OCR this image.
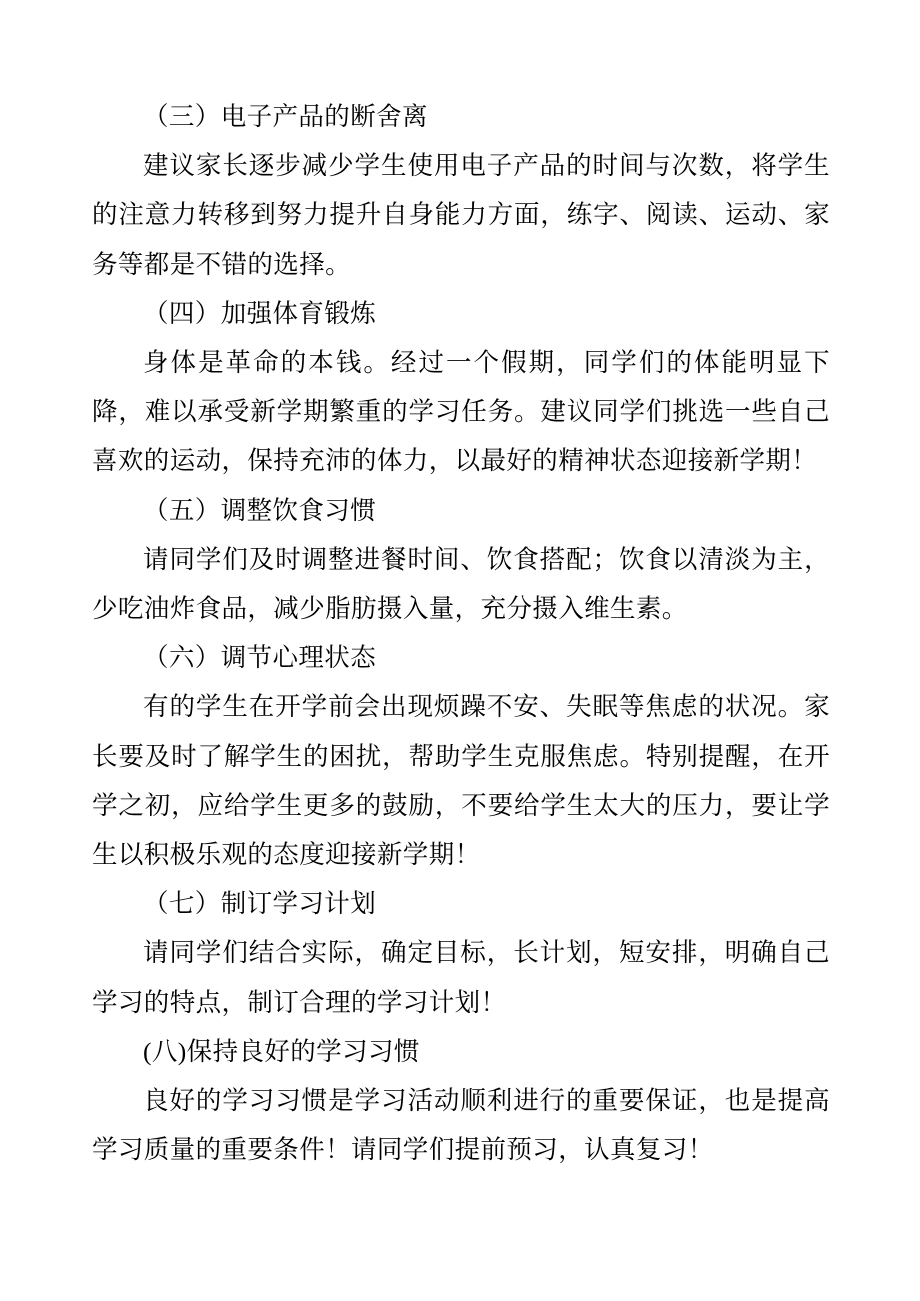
（三）电子产品的断舍离

建议家长逐步减少学生使用电子产品的时间与次数，将学生的注意力转移到努力提升自身能力方面，练字、阅读、运动、家务等都是不错的选择。

（四）加强体育锻炼

身体是革命的本钱。经过一个假期，同学们的体能明显下降，难以承受新学期繁重的学习任务。建议同学们挑选一些自己喜欢的运动，保持充沛的体力，以最好的精神状态迎接新学期！

（五）调整饮食习惯

请同学们及时调整进餐时间、饮食搭配；饮食以清淡为主，少吃油炸食品，减少脂肪摄入量，充分摄入维生素。

（六）调节心理状态

有的学生在开学前会出现烦躁不安、失眠等焦虑的状况。家长要及时了解学生的困扰，帮助学生克服焦虑。特别提醒，在开学之初，应给学生更多的鼓励，不要给学生太大的压力，要让学生以积极乐观的态度迎接新学期！

（七）制订学习计划

请同学们结合实际，确定目标，长计划，短安排，明确自己学习的特点，制订合理的学习计划！

(八)保持良好的学习习惯

良好的学习习惯是学习活动顺利进行的重要保证，也是提高学习质量的重要条件！请同学们提前预习，认真复习！
